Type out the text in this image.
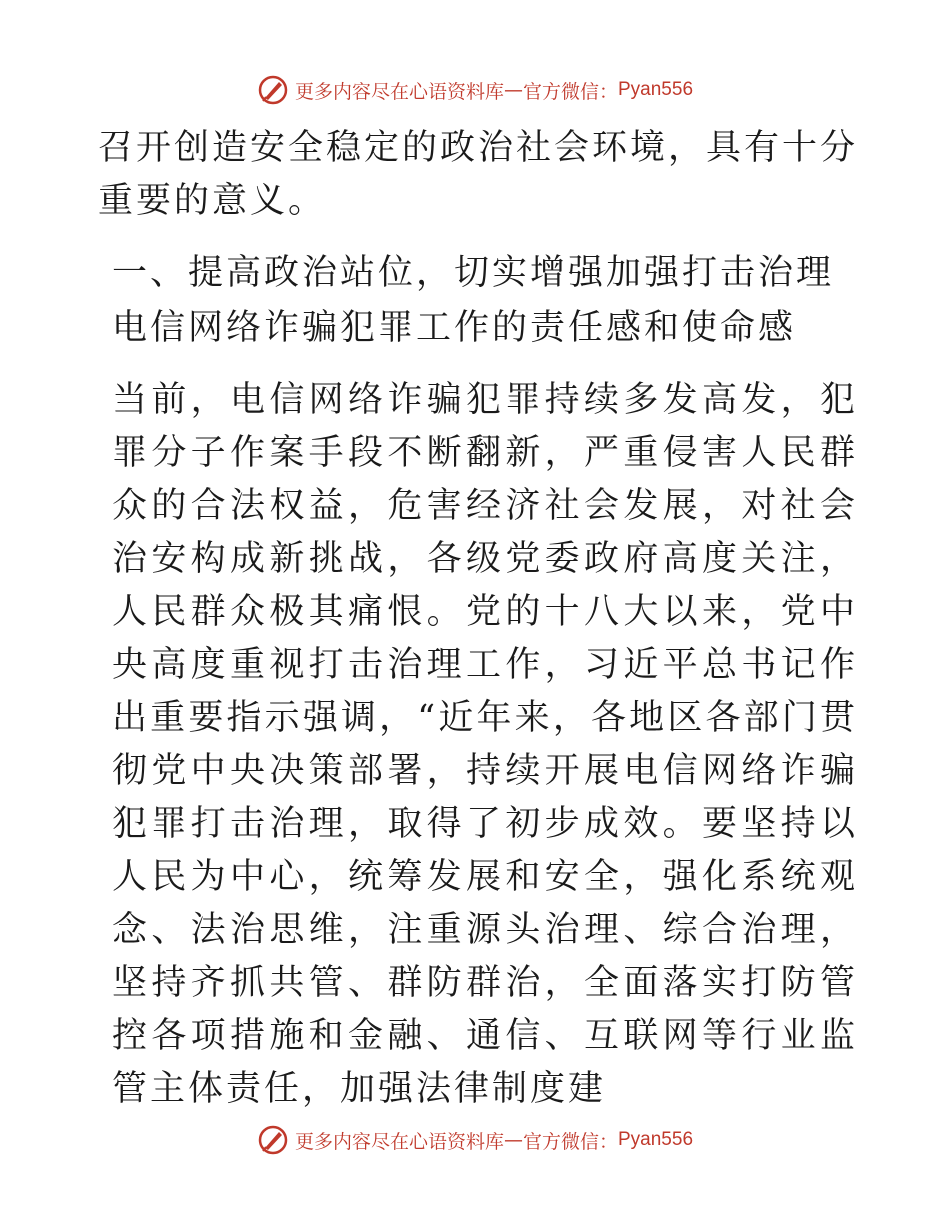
更多内容尽在心语资料库 — 官方微信： Pyan556

召开创造安全稳定的政治社会环境，具有十分重要的意义。

一、提高政治站位，切实增强加强打击治理电信网络诈骗犯罪工作的责任感和使命感

当前，电信网络诈骗犯罪持续多发高发，犯罪分子作案手段不断翻新，严重侵害人民群众的合法权益，危害经济社会发展，对社会治安构成新挑战，各级党委政府高度关注，人民群众极其痛恨。党的十八大以来，党中央高度重视打击治理工作，习近平总书记作出重要指示强调，“近年来，各地区各部门贯彻党中央决策部署，持续开展电信网络诈骗犯罪打击治理，取得了初步成效。要坚持以人民为中心，统筹发展和安全，强化系统观念、法治思维，注重源头治理、综合治理，坚持齐抓共管、群防群治，全面落实打防管控各项措施和金融、通信、互联网等行业监管主体责任，加强法律制度建

更多内容尽在心语资料库 — 官方微信： Pyan556
